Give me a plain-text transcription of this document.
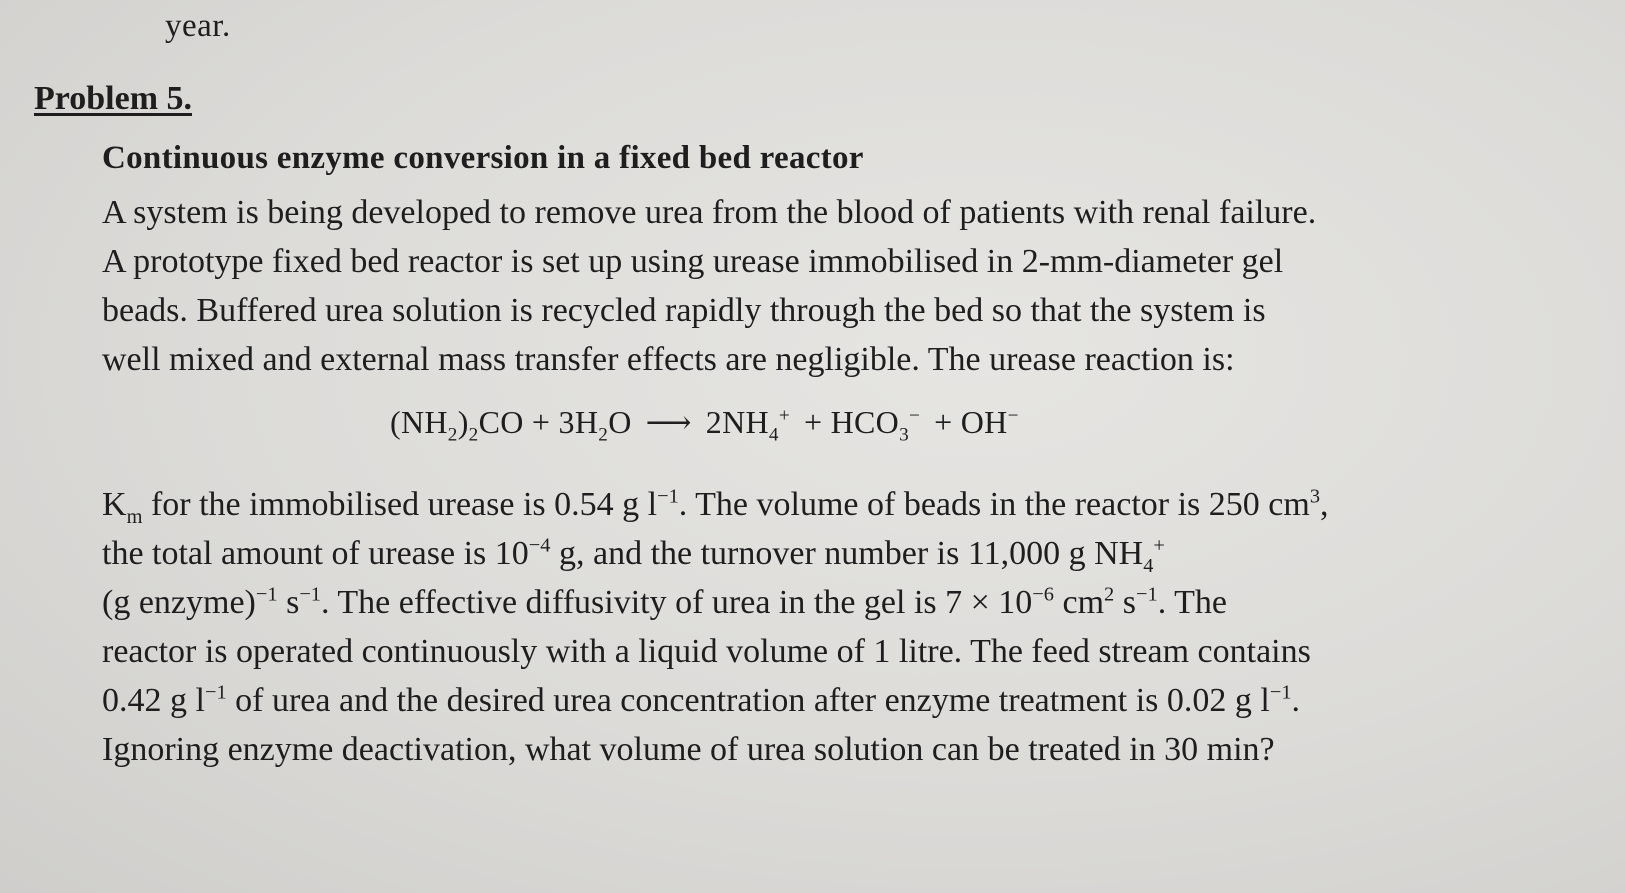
year.
Problem 5.
Continuous enzyme conversion in a fixed bed reactor
A system is being developed to remove urea from the blood of patients with renal failure.
A prototype fixed bed reactor is set up using urease immobilised in 2-mm-diameter gel
beads. Buffered urea solution is recycled rapidly through the bed so that the system is
well mixed and external mass transfer effects are negligible. The urease reaction is:
$(NH_2)_2CO + 3H_2O$ ⟶ $2NH_4^+ + HCO_3^- + OH^-$
$K_m$ for the immobilised urease is 0.54 g $l^{-1}$. The volume of beads in the reactor is 250 $cm^3$,
the total amount of urease is $10^{-4}$ g, and the turnover number is 11,000 g $NH_4^+$
(g enzyme)$^{-1}$ $s^{-1}$. The effective diffusivity of urea in the gel is $7 \times 10^{-6}$ $cm^2$ $s^{-1}$. The
reactor is operated continuously with a liquid volume of 1 litre. The feed stream contains
0.42 g $l^{-1}$ of urea and the desired urea concentration after enzyme treatment is 0.02 g $l^{-1}$.
Ignoring enzyme deactivation, what volume of urea solution can be treated in 30 min?
